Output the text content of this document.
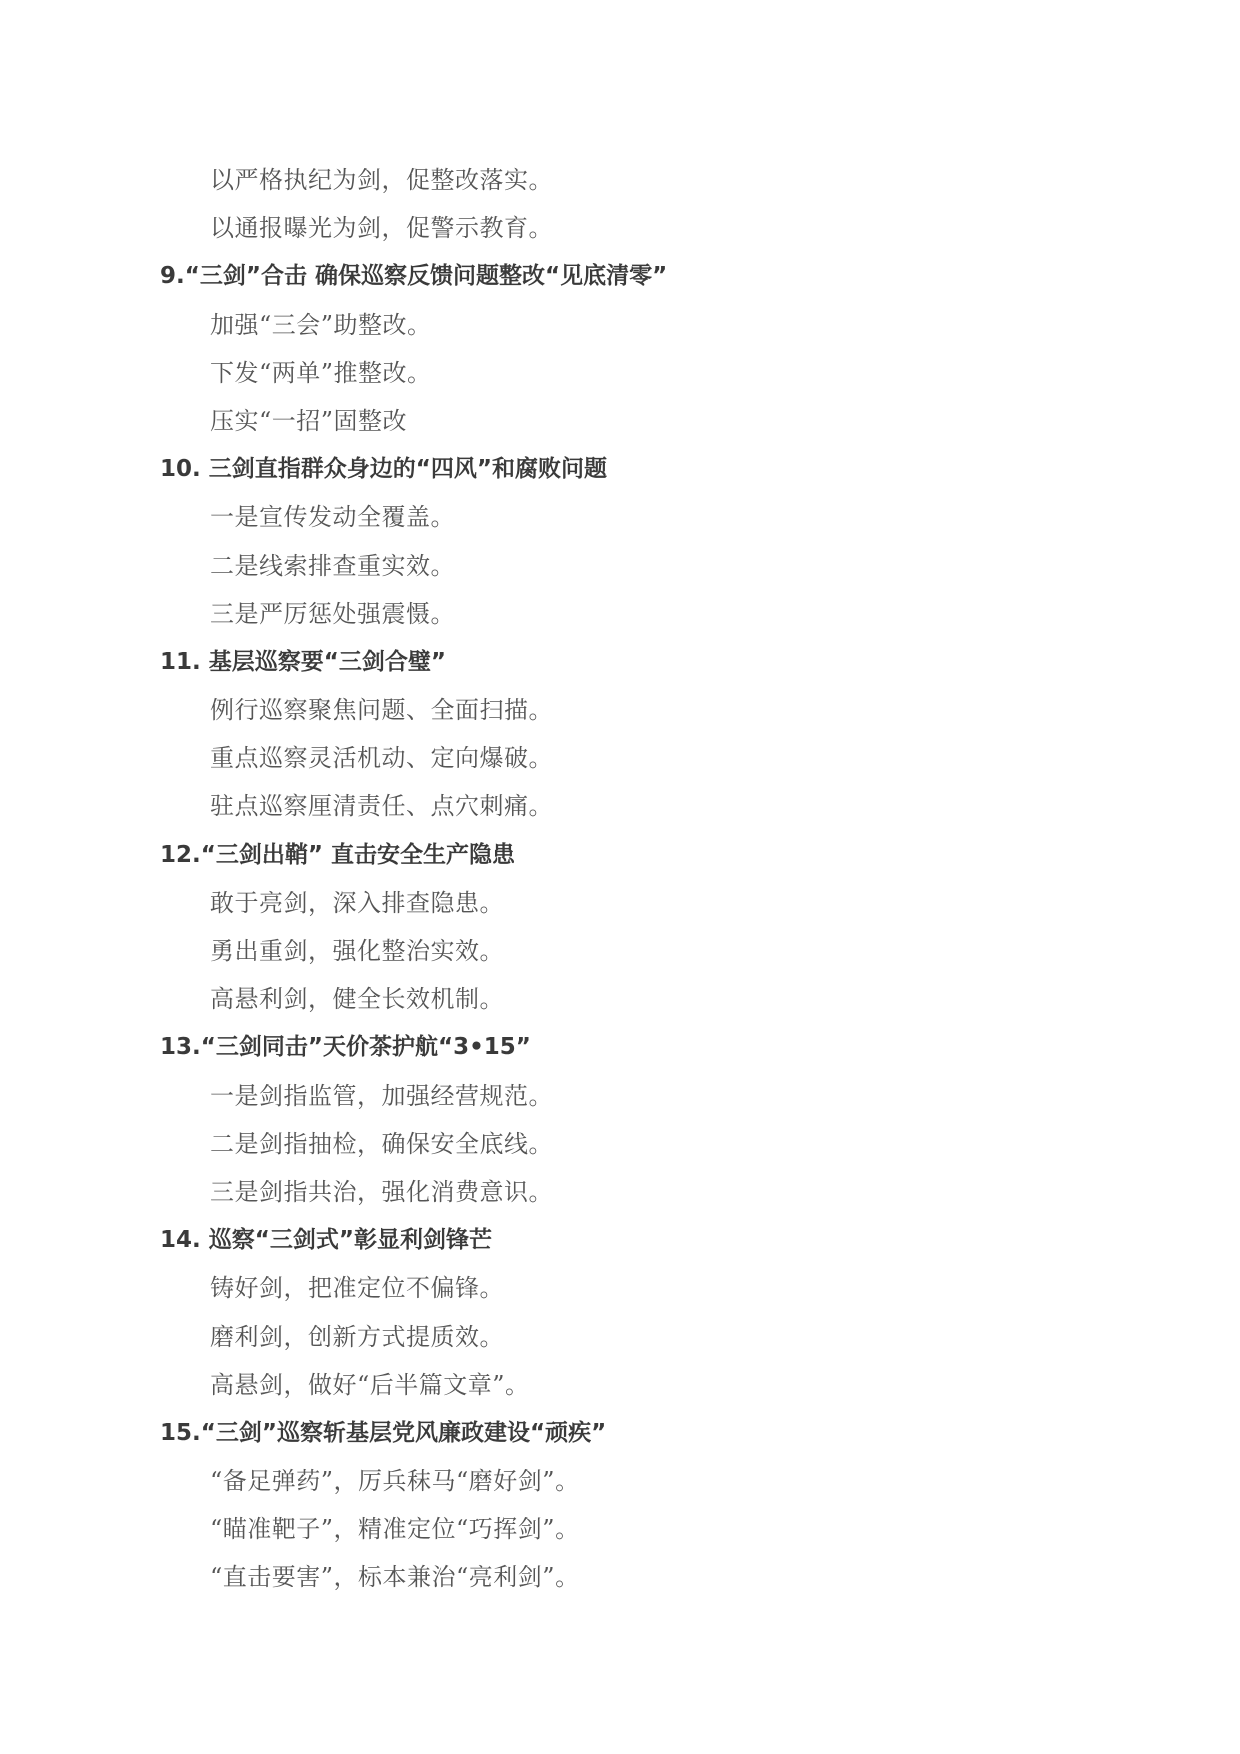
以严格执纪为剑，促整改落实。
以通报曝光为剑，促警示教育。
9.“三剑”合击 确保巡察反馈问题整改“见底清零”
加强“三会”助整改。
下发“两单”推整改。
压实“一招”固整改
10. 三剑直指群众身边的“四风”和腐败问题
一是宣传发动全覆盖。
二是线索排查重实效。
三是严厉惩处强震慑。
11. 基层巡察要“三剑合璧”
例行巡察聚焦问题、全面扫描。
重点巡察灵活机动、定向爆破。
驻点巡察厘清责任、点穴刺痛。
12.“三剑出鞘” 直击安全生产隐患
敢于亮剑，深入排查隐患。
勇出重剑，强化整治实效。
高悬利剑，健全长效机制。
13.“三剑同击”天价茶护航“3•15”
一是剑指监管，加强经营规范。
二是剑指抽检，确保安全底线。
三是剑指共治，强化消费意识。
14. 巡察“三剑式”彰显利剑锋芒
铸好剑，把准定位不偏锋。
磨利剑，创新方式提质效。
高悬剑，做好“后半篇文章”。
15.“三剑”巡察斩基层党风廉政建设“顽疾”
“备足弹药”，厉兵秣马“磨好剑”。
“瞄准靶子”，精准定位“巧挥剑”。
“直击要害”，标本兼治“亮利剑”。
